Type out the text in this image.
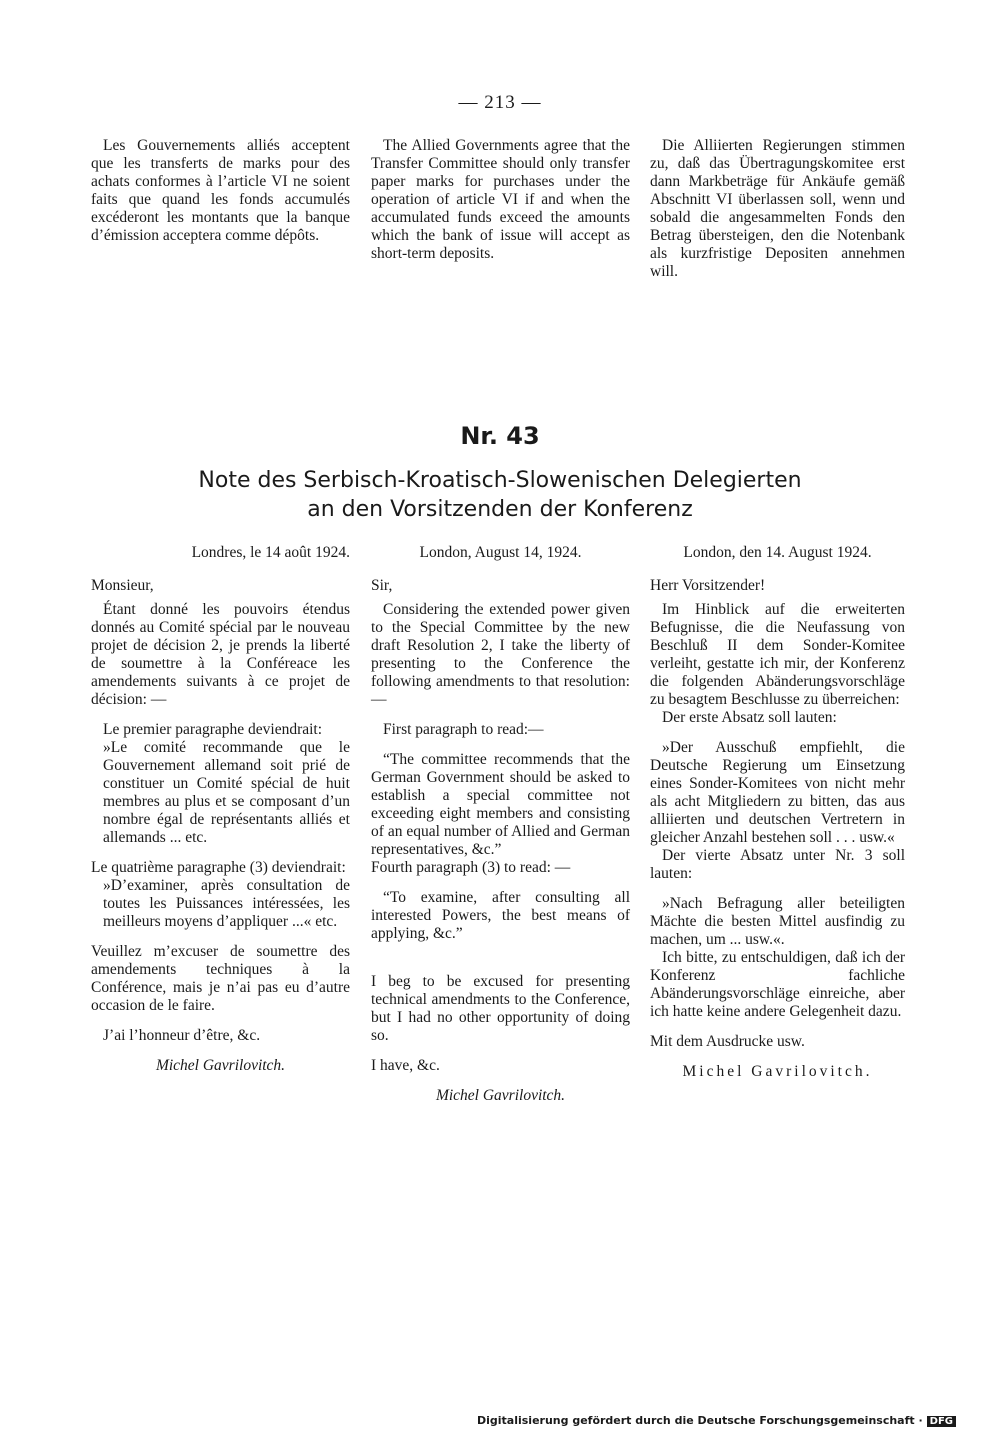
— 213 —

Les Gouvernements alliés acceptent que les transferts de marks pour des achats conformes à l’article VI ne soient faits que quand les fonds accumulés excéderont les montants que la banque d’émission acceptera comme dépôts.

The Allied Governments agree that the Transfer Committee should only transfer paper marks for purchases under the operation of article VI if and when the accumulated funds exceed the amounts which the bank of issue will accept as short-term deposits.

Die Alliierten Regierungen stimmen zu, daß das Übertragungskomitee erst dann Markbeträge für Ankäufe gemäß Abschnitt VI überlassen soll, wenn und sobald die angesammelten Fonds den Betrag übersteigen, den die Notenbank als kurzfristige Depositen annehmen will.

Nr. 43
Note des Serbisch-Kroatisch-Slowenischen Delegierten
an den Vorsitzenden der Konferenz

Londres, le 14 août 1924.

Monsieur,

Étant donné les pouvoirs étendus donnés au Comité spécial par le nouveau projet de décision 2, je prends la liberté de soumettre à la Conféreace les amendements suivants à ce projet de décision: —

Le premier paragraphe deviendrait:

»Le comité recommande que le Gouvernement allemand soit prié de constituer un Comité spécial de huit membres au plus et se composant d’un nombre égal de représentants alliés et allemands ... etc.

Le quatrième paragraphe (3) deviendrait:

»D’examiner, après consultation de toutes les Puissances intéressées, les meilleurs moyens d’appliquer ...« etc.

Veuillez m’excuser de soumettre des amendements techniques à la Conférence, mais je n’ai pas eu d’autre occasion de le faire.

J’ai l’honneur d’être, &c.

Michel Gavrilovitch.

London, August 14, 1924.

Sir,

Considering the extended power given to the Special Committee by the new draft Resolution 2, I take the liberty of presenting to the Conference the following amendments to that resolution: —

First paragraph to read:—

“The committee recommends that the German Government should be asked to establish a special committee not exceeding eight members and consisting of an equal number of Allied and German representatives, &c.”

Fourth paragraph (3) to read: —

“To examine, after consulting all interested Powers, the best means of applying, &c.”

I beg to be excused for presenting technical amendments to the Conference, but I had no other opportunity of doing so.

I have, &c.

Michel Gavrilovitch.

London, den 14. August 1924.

Herr Vorsitzender!

Im Hinblick auf die erweiterten Befugnisse, die die Neufassung von Beschluß II dem Sonder-Komitee verleiht, gestatte ich mir, der Konferenz die folgenden Abänderungsvorschläge zu besagtem Beschlusse zu überreichen:

Der erste Absatz soll lauten:

»Der Ausschuß empfiehlt, die Deutsche Regierung um Einsetzung eines Sonder-Komitees von nicht mehr als acht Mitgliedern zu bitten, das aus alliierten und deutschen Vertretern in gleicher Anzahl bestehen soll . . . usw.«

Der vierte Absatz unter Nr. 3 soll lauten:

»Nach Befragung aller beteiligten Mächte die besten Mittel ausfindig zu machen, um ... usw.«.

Ich bitte, zu entschuldigen, daß ich der Konferenz fachliche Abänderungsvorschläge einreiche, aber ich hatte keine andere Gelegenheit dazu.

Mit dem Ausdrucke usw.

Michel Gavrilovitch.

Digitalisierung gefördert durch die Deutsche Forschungsgemeinschaft · DFG
